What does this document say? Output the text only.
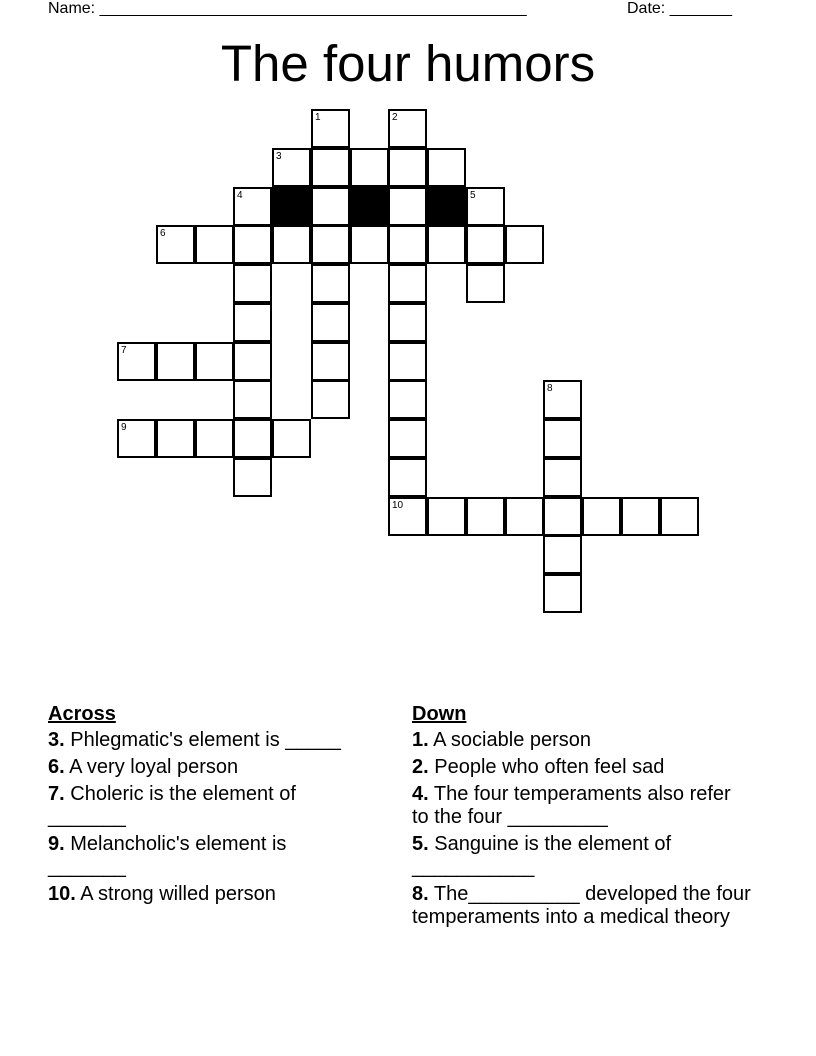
Name: ________________________________________________	Date: _______
The four humors
1	2
3
4	5
6
7
8
9
10
Across
3. Phlegmatic's element is _____
6. A very loyal person
7. Choleric is the element of _______
9. Melancholic's element is _______
10. A strong willed person
Down
1. A sociable person
2. People who often feel sad
4. The four temperaments also refer to the four _________
5. Sanguine is the element of ___________
8. The__________ developed the four temperaments into a medical theory
